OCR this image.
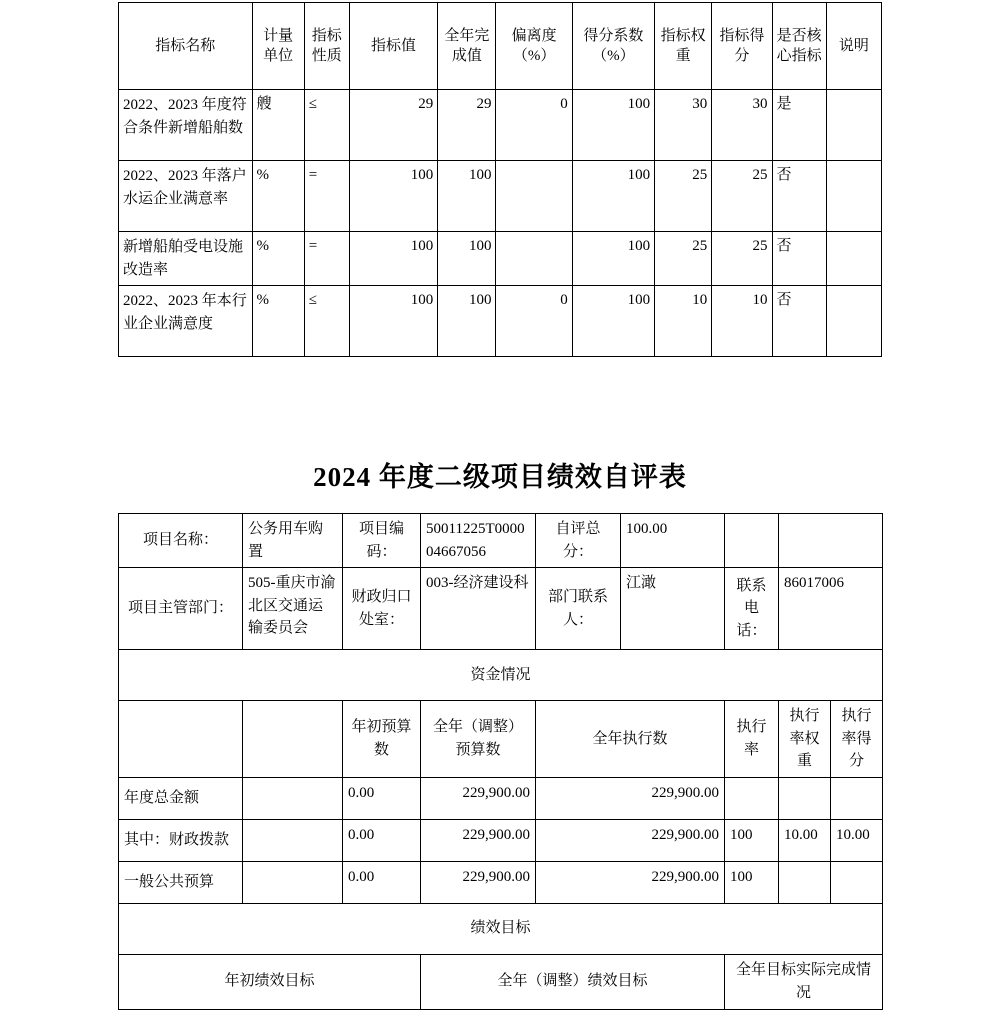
指标名称	计量单位	指标性质	指标值	全年完成值	偏离度（%）	得分系数（%）	指标权重	指标得分	是否核心指标	说明
2022、2023 年度符合条件新增船舶数	艘	≤	29	29	0	100	30	30	是	
2022、2023 年落户水运企业满意率	%	=	100	100		100	25	25	否	
新增船舶受电设施改造率	%	=	100	100		100	25	25	否	
2022、2023 年本行业企业满意度	%	≤	100	100	0	100	10	10	否	
2024 年度二级项目绩效自评表
项目名称：	公务用车购置	项目编码：	50011225T000004667056	自评总分：	100.00			
项目主管部门：	505-重庆市渝北区交通运输委员会	财政归口处室：	003-经济建设科	部门联系人：	江澉	联系电话：	86017006	
资金情况								
		年初预算数	全年（调整）预算数	全年执行数		执行率	执行率权重	执行率得分
年度总金额		0.00	229,900.00	229,900.00				
其中：财政拨款		0.00	229,900.00	229,900.00		100	10.00	10.00
一般公共预算		0.00	229,900.00	229,900.00		100		
绩效目标								
年初绩效目标			全年（调整）绩效目标			全年目标实际完成情况		
